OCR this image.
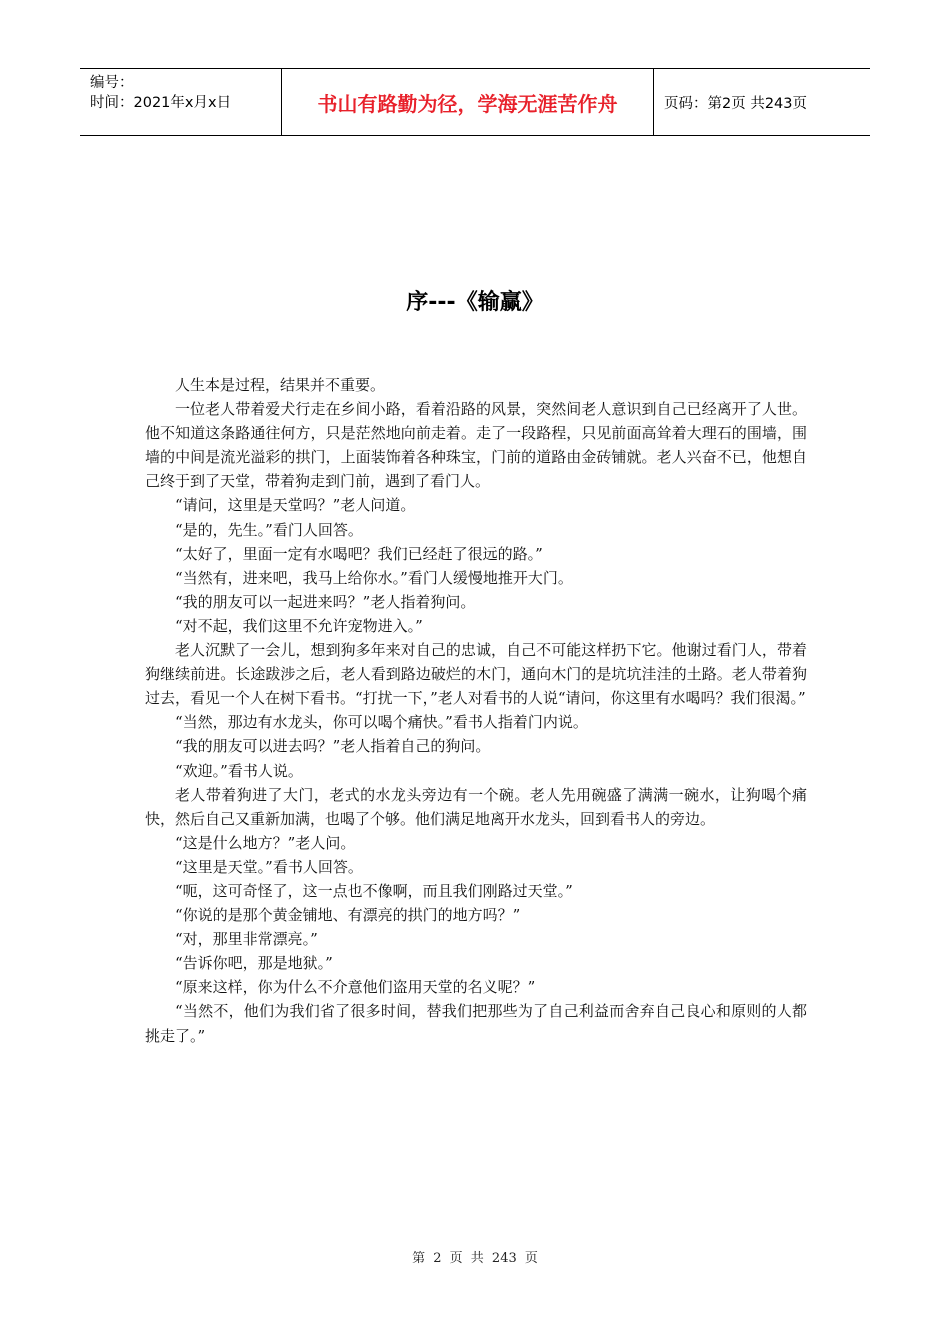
编号：
时间：2021年x月x日	书山有路勤为径，学海无涯苦作舟	页码：第2页 共243页
序---《输赢》

人生本是过程，结果并不重要。

一位老人带着爱犬行走在乡间小路，看着沿路的风景，突然间老人意识到自己已经离开了人世。他不知道这条路通往何方，只是茫然地向前走着。走了一段路程，只见前面高耸着大理石的围墙，围墙的中间是流光溢彩的拱门，上面装饰着各种珠宝，门前的道路由金砖铺就。老人兴奋不已，他想自己终于到了天堂，带着狗走到门前，遇到了看门人。

“请问，这里是天堂吗？”老人问道。

“是的，先生。”看门人回答。

“太好了，里面一定有水喝吧？我们已经赶了很远的路。”

“当然有，进来吧，我马上给你水。”看门人缓慢地推开大门。

“我的朋友可以一起进来吗？”老人指着狗问。

“对不起，我们这里不允许宠物进入。”

老人沉默了一会儿，想到狗多年来对自己的忠诚，自己不可能这样扔下它。他谢过看门人，带着狗继续前进。长途跋涉之后，老人看到路边破烂的木门，通向木门的是坑坑洼洼的土路。老人带着狗过去，看见一个人在树下看书。“打扰一下，”老人对看书的人说“请问，你这里有水喝吗？我们很渴。”

“当然，那边有水龙头，你可以喝个痛快。”看书人指着门内说。

“我的朋友可以进去吗？”老人指着自己的狗问。

“欢迎。”看书人说。

老人带着狗进了大门，老式的水龙头旁边有一个碗。老人先用碗盛了满满一碗水，让狗喝个痛快，然后自己又重新加满，也喝了个够。他们满足地离开水龙头，回到看书人的旁边。

“这是什么地方？”老人问。

“这里是天堂。”看书人回答。

“呃，这可奇怪了，这一点也不像啊，而且我们刚路过天堂。”

“你说的是那个黄金铺地、有漂亮的拱门的地方吗？”

“对，那里非常漂亮。”

“告诉你吧，那是地狱。”

“原来这样，你为什么不介意他们盗用天堂的名义呢？”

“当然不，他们为我们省了很多时间，替我们把那些为了自己利益而舍弃自己良心和原则的人都挑走了。”

第 2 页 共 243 页
